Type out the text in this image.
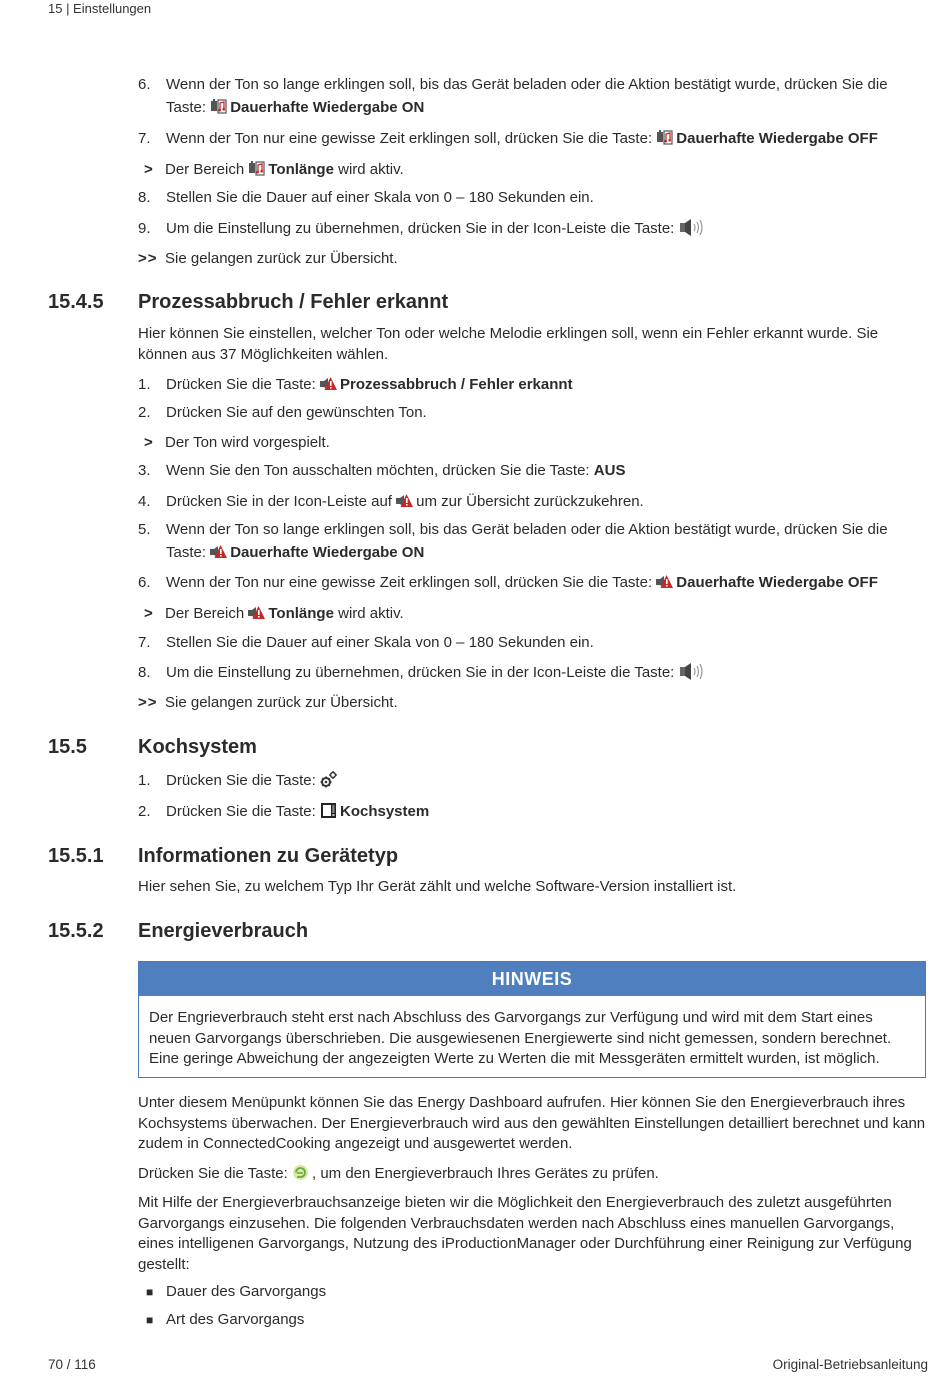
15 | Einstellungen
6. Wenn der Ton so lange erklingen soll, bis das Gerät beladen oder die Aktion bestätigt wurde, drücken Sie die
Taste: Dauerhafte Wiedergabe ON
7. Wenn der Ton nur eine gewisse Zeit erklingen soll, drücken Sie die Taste: Dauerhafte Wiedergabe OFF
> Der Bereich Tonlänge wird aktiv.
8. Stellen Sie die Dauer auf einer Skala von 0 – 180 Sekunden ein.
9. Um die Einstellung zu übernehmen, drücken Sie in der Icon-Leiste die Taste:
>> Sie gelangen zurück zur Übersicht.
15.4.5 Prozessabbruch / Fehler erkannt
Hier können Sie einstellen, welcher Ton oder welche Melodie erklingen soll, wenn ein Fehler erkannt wurde. Sie können aus 37 Möglichkeiten wählen.
1. Drücken Sie die Taste: Prozessabbruch / Fehler erkannt
2. Drücken Sie auf den gewünschten Ton.
> Der Ton wird vorgespielt.
3. Wenn Sie den Ton ausschalten möchten, drücken Sie die Taste: AUS
4. Drücken Sie in der Icon-Leiste auf um zur Übersicht zurückzukehren.
5. Wenn der Ton so lange erklingen soll, bis das Gerät beladen oder die Aktion bestätigt wurde, drücken Sie die
Taste: Dauerhafte Wiedergabe ON
6. Wenn der Ton nur eine gewisse Zeit erklingen soll, drücken Sie die Taste: Dauerhafte Wiedergabe OFF
> Der Bereich Tonlänge wird aktiv.
7. Stellen Sie die Dauer auf einer Skala von 0 – 180 Sekunden ein.
8. Um die Einstellung zu übernehmen, drücken Sie in der Icon-Leiste die Taste:
>> Sie gelangen zurück zur Übersicht.
15.5	Kochsystem
1. Drücken Sie die Taste:
2. Drücken Sie die Taste: Kochsystem
15.5.1 Informationen zu Gerätetyp
Hier sehen Sie, zu welchem Typ Ihr Gerät zählt und welche Software-Version installiert ist.
15.5.2 Energieverbrauch
HINWEIS
Der Engrieverbrauch steht erst nach Abschluss des Garvorgangs zur Verfügung und wird mit dem Start eines neuen Garvorgangs überschrieben. Die ausgewiesenen Energiewerte sind nicht gemessen, sondern berechnet. Eine geringe Abweichung der angezeigten Werte zu Werten die mit Messgeräten ermittelt wurden, ist möglich.
Unter diesem Menüpunkt können Sie das Energy Dashboard aufrufen. Hier können Sie den Energieverbrauch ihres Kochsystems überwachen. Der Energieverbrauch wird aus den gewählten Einstellungen detailliert berechnet und kann zudem in ConnectedCooking angezeigt und ausgewertet werden.
Drücken Sie die Taste: , um den Energieverbrauch Ihres Gerätes zu prüfen.
Mit Hilfe der Energieverbrauchsanzeige bieten wir die Möglichkeit den Energieverbrauch des zuletzt ausgeführten Garvorgangs einzusehen. Die folgenden Verbrauchsdaten werden nach Abschluss eines manuellen Garvorgangs, eines intelligenen Garvorgangs, Nutzung des iProductionManager oder Durchführung einer Reinigung zur Verfügung gestellt:
■ Dauer des Garvorgangs
■ Art des Garvorgangs
70 / 116	Original-Betriebsanleitung
